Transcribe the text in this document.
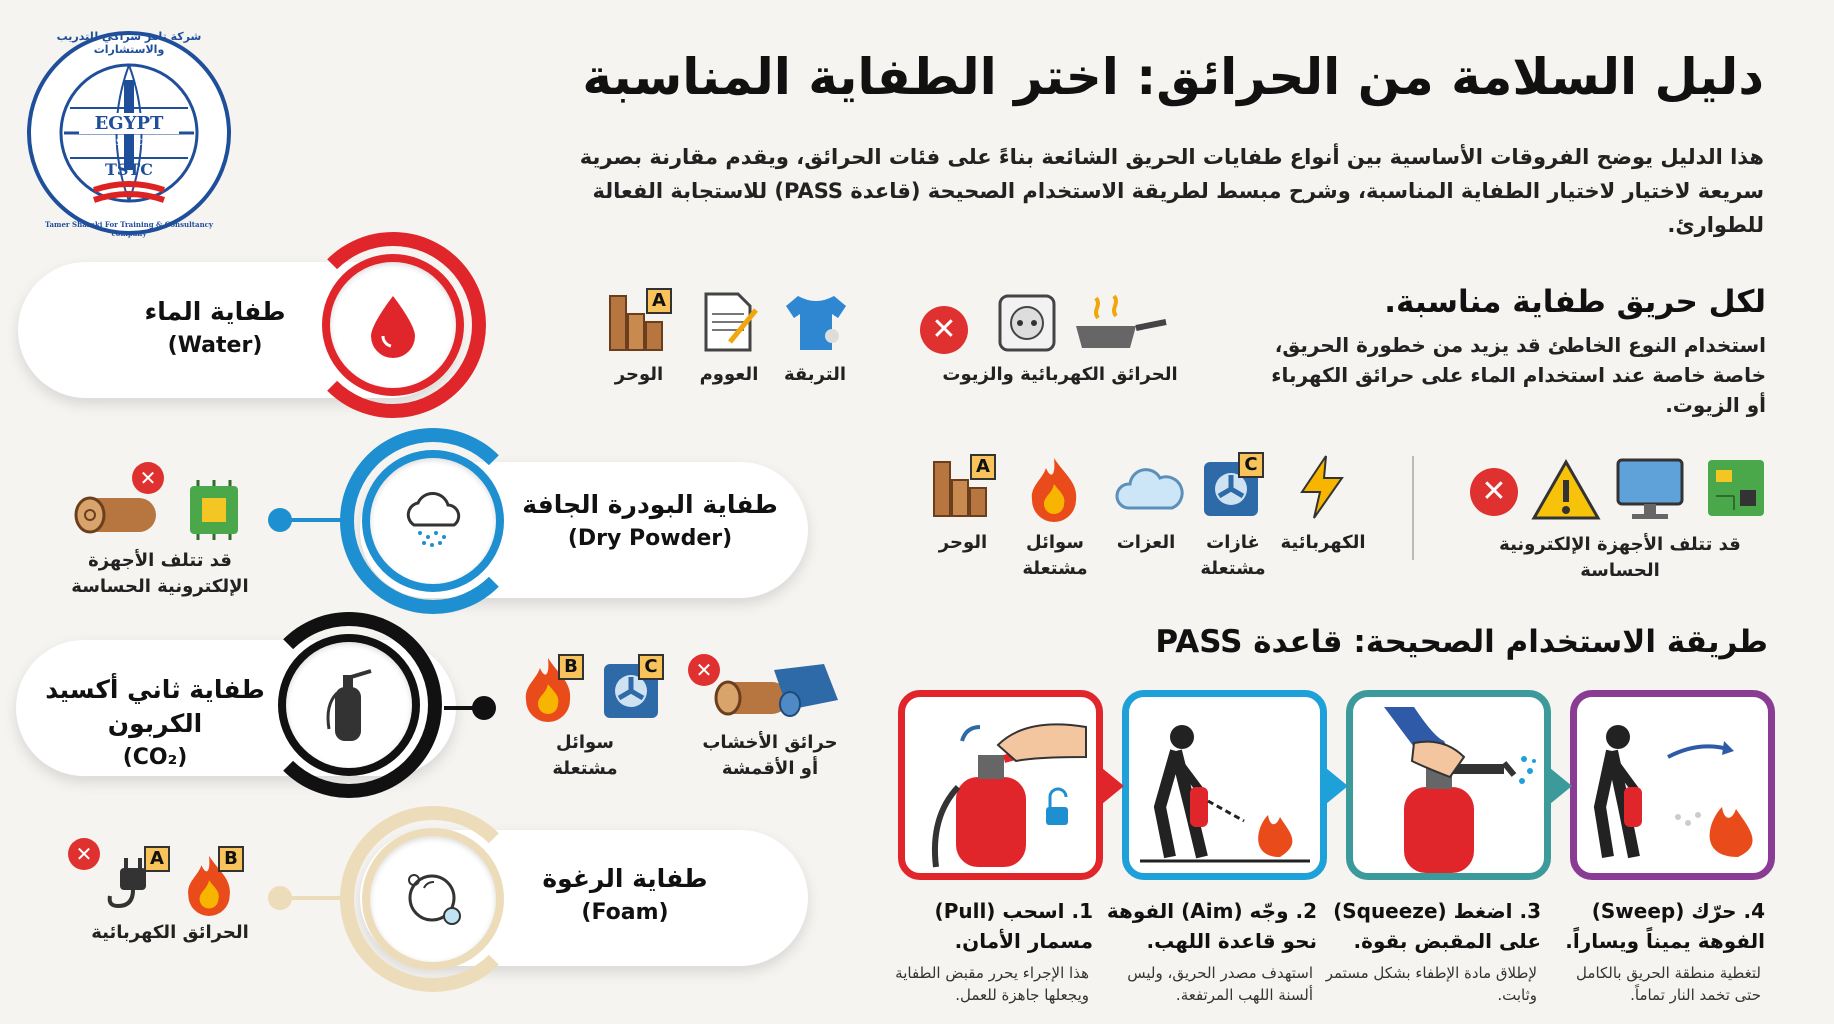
EGYPT
TSTC
شركة تامر شراكي للتدريب والاستشارات
Tamer Sharaki For Training & Consultancy company
T
S
T
C
دليل السلامة من الحرائق: اختر الطفاية المناسبة
هذا الدليل يوضح الفروقات الأساسية بين أنواع طفايات الحريق الشائعة بناءً على فئات الحرائق، ويقدم مقارنة بصرية سريعة لاختيار لاختيار الطفاية المناسبة، وشرح مبسط لطريقة الاستخدام الصحيحة (قاعدة PASS) للاستجابة الفعالة للطوارئ.
طفاية الماء
(Water)
طفاية البودرة الجافة
(Dry Powder)
طفاية ثاني أكسيد الكربون
(CO₂)
طفاية الرغوة
(Foam)
✕
قد تتلف الأجهزة الإلكترونية الحساسة
B	C
سوائل مشتعلة
✕
حرائق الأخشاب أو الأقمشة
✕	A	B
الحرائق الكهربائية
لكل حريق طفاية مناسبة.
استخدام النوع الخاطئ قد يزيد من خطورة الحريق، خاصة خاصة عند استخدام الماء على حرائق الكهرباء أو الزيوت.
✕
الحرائق الكهربائية والزيوت
التربقة
العووم
A
الوحر
✕
قد تتلف الأجهزة الإلكترونية الحساسة
الكهربائية
C
غازات مشتعلة
العزات
سوائل مشتعلة
A
الوحر
طريقة الاستخدام الصحيحة: قاعدة PASS
1. اسحب (Pull) مسمار الأمان.
هذا الإجراء يحرر مقبض الطفاية ويجعلها جاهزة للعمل.
2. وجّه (Aim) الفوهة نحو قاعدة اللهب.
استهدف مصدر الحريق، وليس ألسنة اللهب المرتفعة.
3. اضغط (Squeeze) على المقبض بقوة.
لإطلاق مادة الإطفاء بشكل مستمر وثابت.
4. حرّك (Sweep) الفوهة يميناً ويساراً.
لتغطية منطقة الحريق بالكامل حتى تخمد النار تماماً.
